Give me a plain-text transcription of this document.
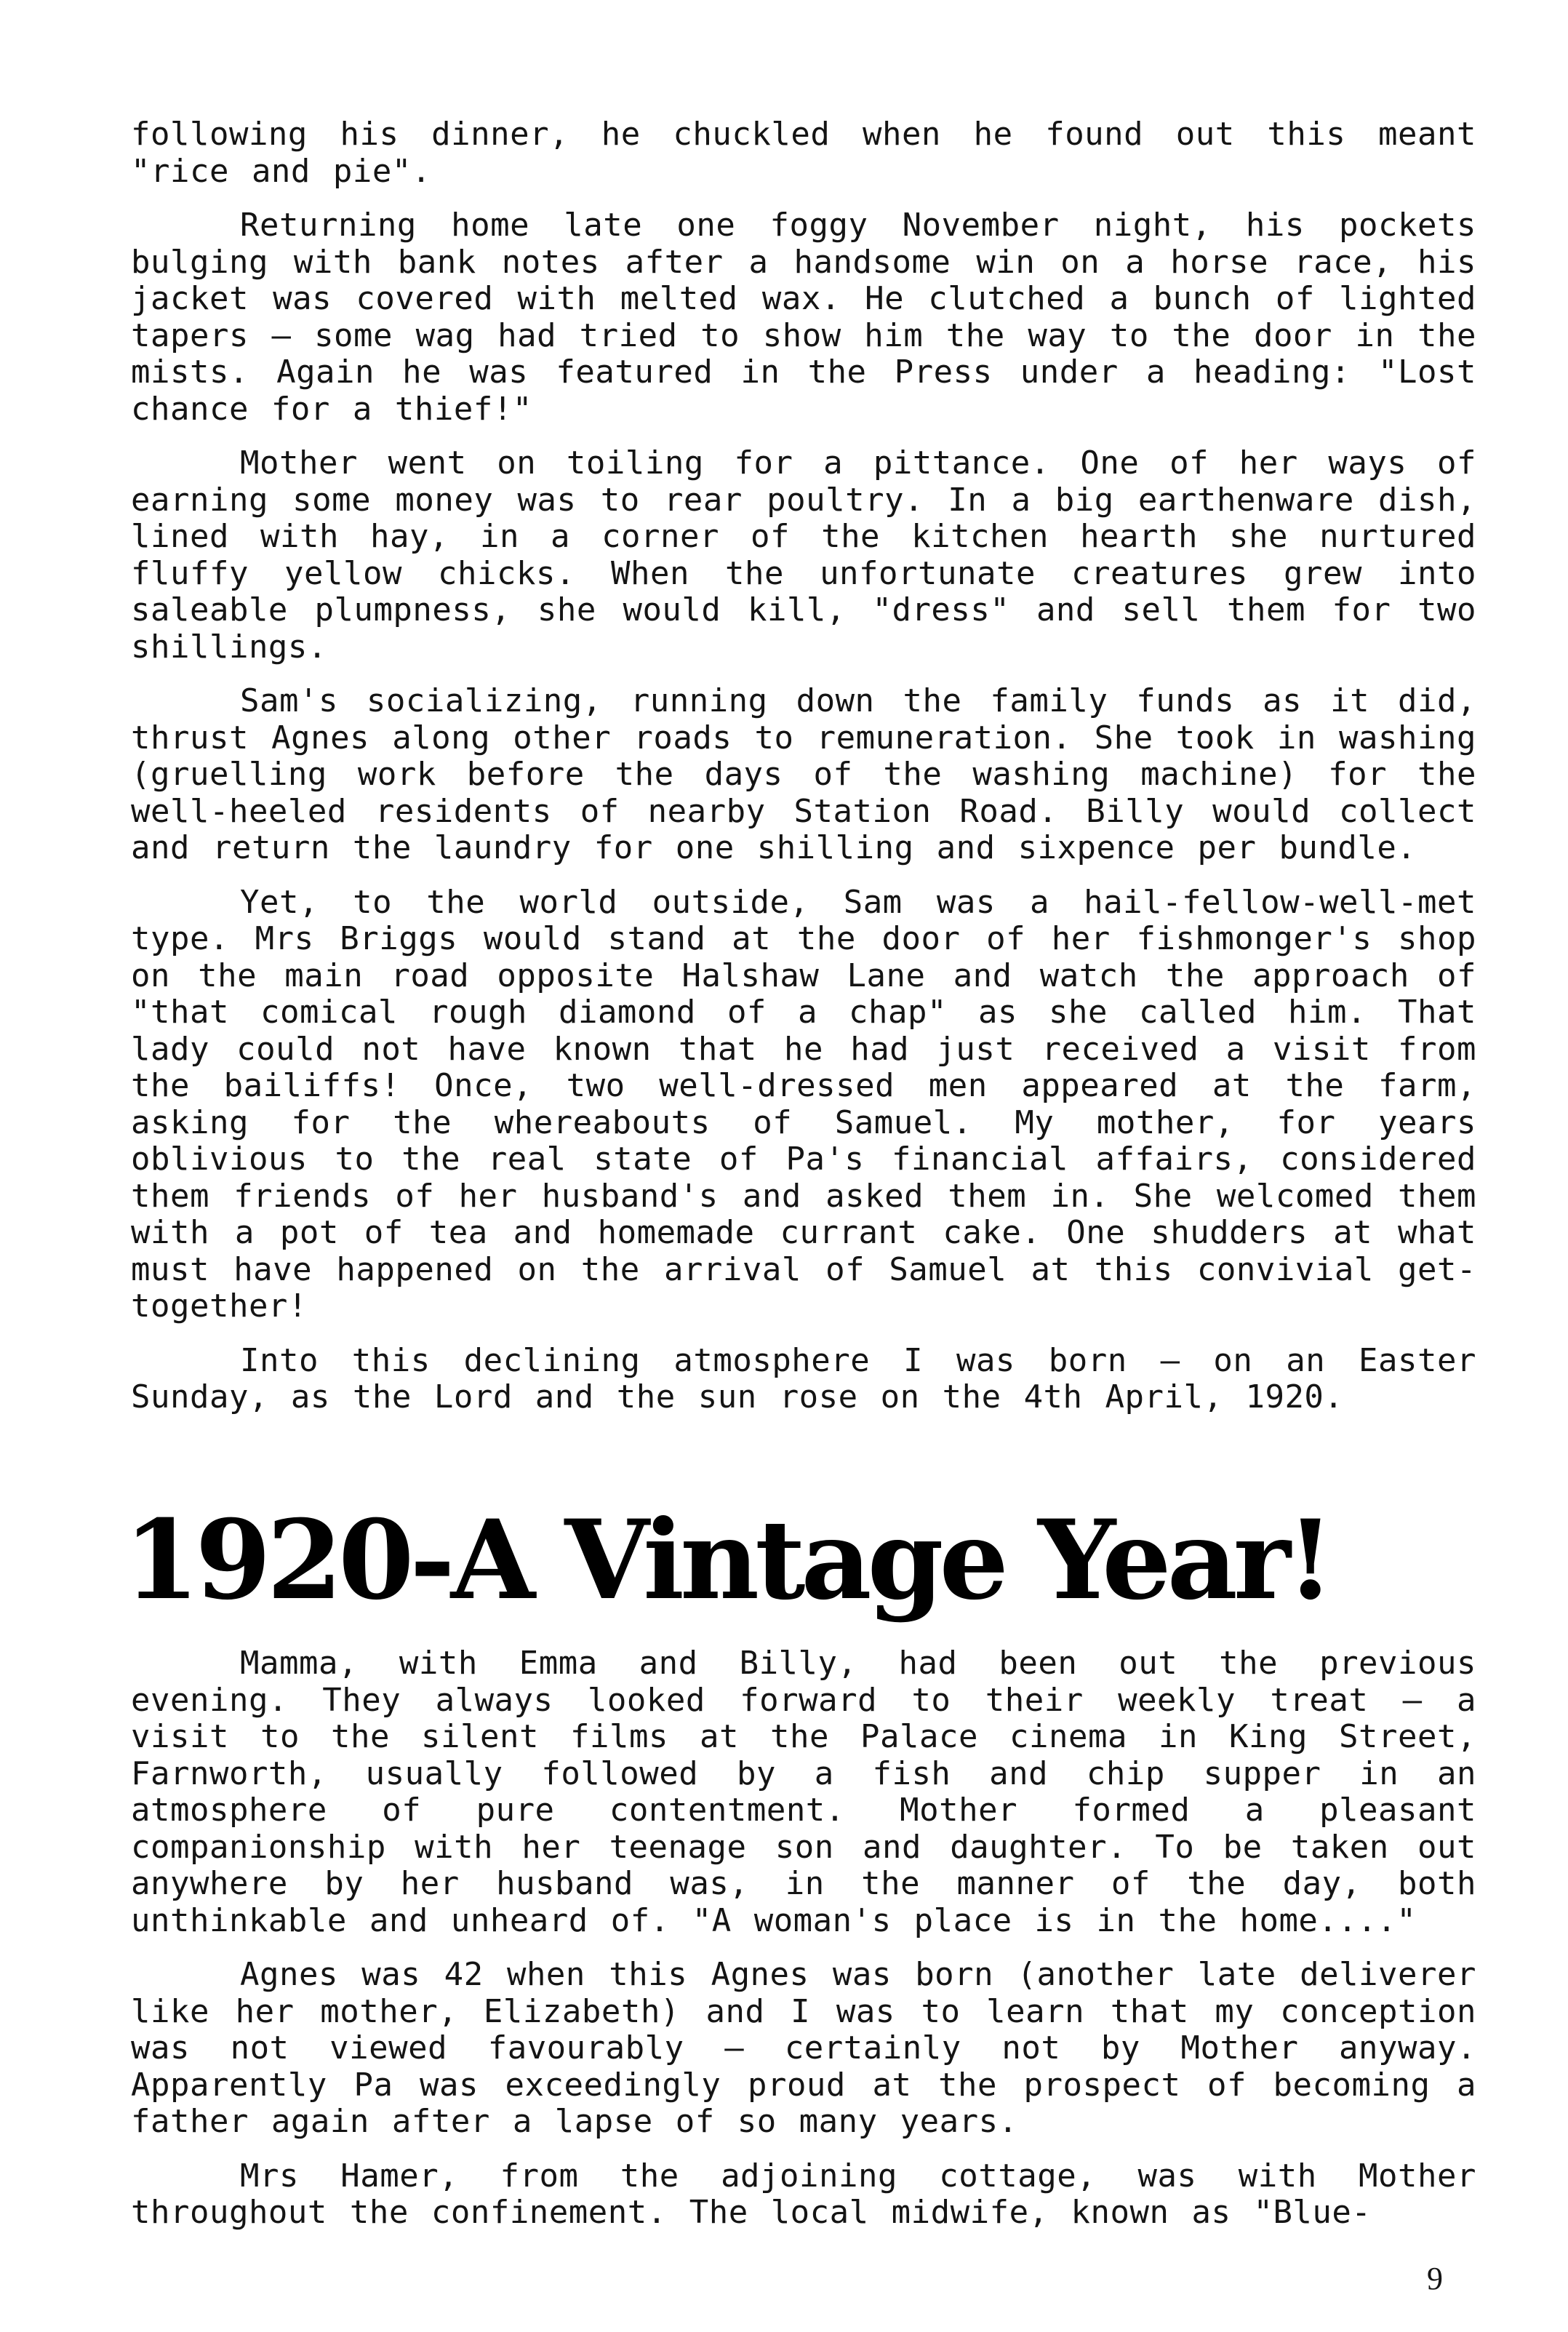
following his dinner, he chuckled when he found out this meant "rice and pie".

Returning home late one foggy November night, his pockets bulging with bank notes after a handsome win on a horse race, his jacket was covered with melted wax. He clutched a bunch of lighted tapers – some wag had tried to show him the way to the door in the mists. Again he was featured in the Press under a heading: "Lost chance for a thief!"

Mother went on toiling for a pittance. One of her ways of earning some money was to rear poultry. In a big earthenware dish, lined with hay, in a corner of the kitchen hearth she nurtured fluffy yellow chicks. When the unfortunate creatures grew into saleable plumpness, she would kill, "dress" and sell them for two shillings.

Sam's socializing, running down the family funds as it did, thrust Agnes along other roads to remuneration. She took in washing (gruelling work before the days of the washing machine) for the well-heeled residents of nearby Station Road. Billy would collect and return the laundry for one shilling and sixpence per bundle.

Yet, to the world outside, Sam was a hail-fellow-well-met type. Mrs Briggs would stand at the door of her fishmonger's shop on the main road opposite Halshaw Lane and watch the approach of "that comical rough diamond of a chap" as she called him. That lady could not have known that he had just received a visit from the bailiffs! Once, two well-dressed men appeared at the farm, asking for the whereabouts of Samuel. My mother, for years oblivious to the real state of Pa's financial affairs, considered them friends of her husband's and asked them in. She welcomed them with a pot of tea and homemade currant cake. One shudders at what must have happened on the arrival of Samuel at this convivial get-together!

Into this declining atmosphere I was born – on an Easter Sunday, as the Lord and the sun rose on the 4th April, 1920.

1920-A Vintage Year!

Mamma, with Emma and Billy, had been out the previous evening. They always looked forward to their weekly treat – a visit to the silent films at the Palace cinema in King Street, Farnworth, usually followed by a fish and chip supper in an atmosphere of pure contentment. Mother formed a pleasant companionship with her teenage son and daughter. To be taken out anywhere by her husband was, in the manner of the day, both unthinkable and unheard of. "A woman's place is in the home...."

Agnes was 42 when this Agnes was born (another late deliverer like her mother, Elizabeth) and I was to learn that my conception was not viewed favourably – certainly not by Mother anyway. Apparently Pa was exceedingly proud at the prospect of becoming a father again after a lapse of so many years.

Mrs Hamer, from the adjoining cottage, was with Mother throughout the confinement. The local midwife, known as "Blue-

9
